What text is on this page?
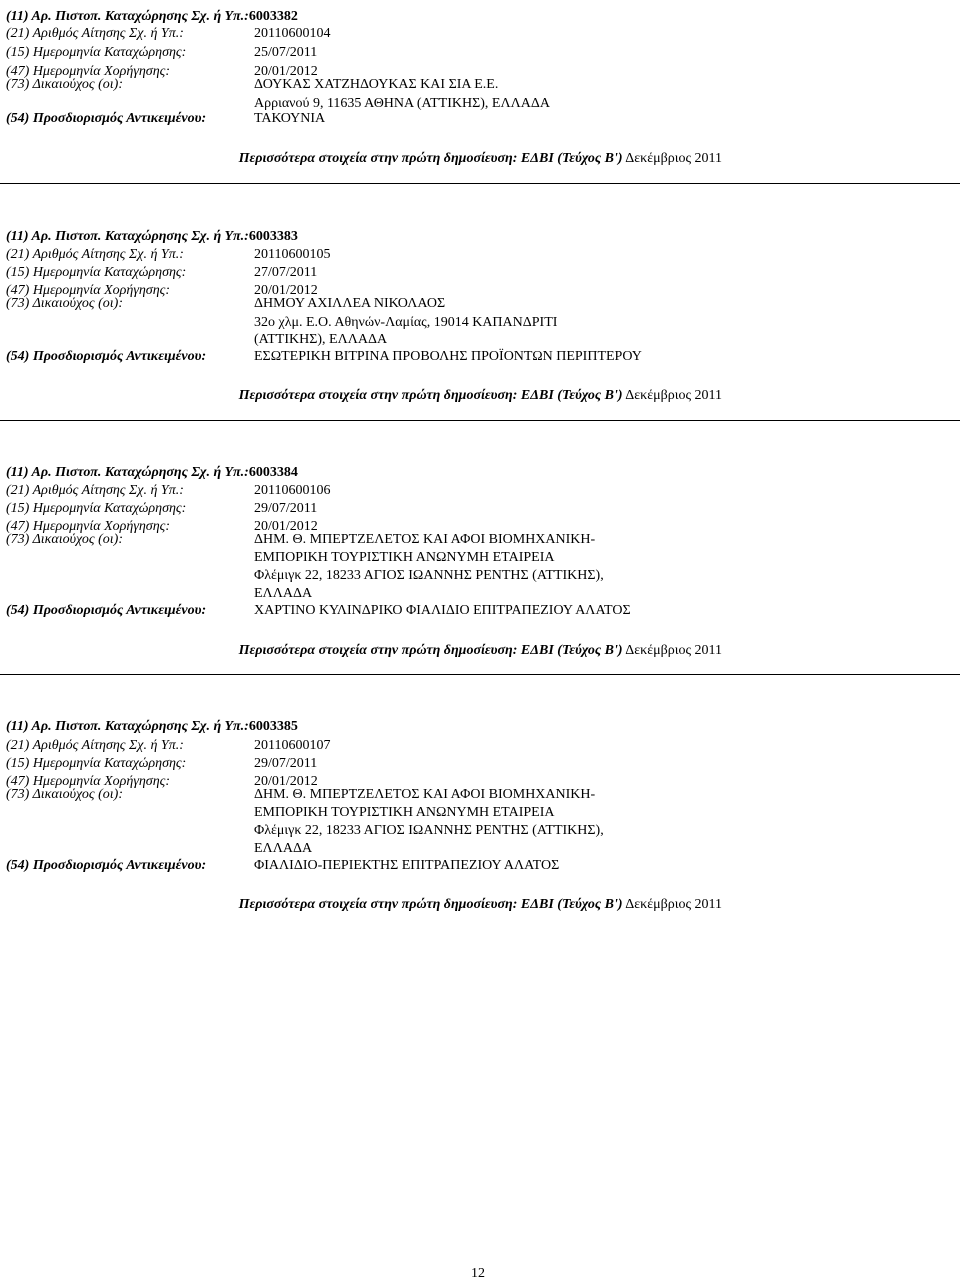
(11) Αρ. Πιστοπ. Καταχώρησης Σχ. ή Υπ.:6003382
(21) Αριθμός Αίτησης Σχ. ή Υπ.:	20110600104
(15) Ημερομηνία Καταχώρησης:	25/07/2011
(47) Ημερομηνία Χορήγησης:	20/01/2012
(73) Δικαιούχος (οι):	ΔΟΥΚΑΣ ΧΑΤΖΗΔΟΥΚΑΣ ΚΑΙ ΣΙΑ Ε.Ε.
Αρριανού 9, 11635 ΑΘΗΝΑ (ΑΤΤΙΚΗΣ), ΕΛΛΑΔΑ
(54) Προσδιορισμός Αντικειμένου:	ΤΑΚΟΥΝΙΑ
Περισσότερα στοιχεία στην πρώτη δημοσίευση: ΕΔΒΙ (Τεύχος Β') Δεκέμβριος 2011
(11) Αρ. Πιστοπ. Καταχώρησης Σχ. ή Υπ.:6003383
(21) Αριθμός Αίτησης Σχ. ή Υπ.:	20110600105
(15) Ημερομηνία Καταχώρησης:	27/07/2011
(47) Ημερομηνία Χορήγησης:	20/01/2012
(73) Δικαιούχος (οι):	ΔΗΜΟΥ ΑΧΙΛΛΕΑ ΝΙΚΟΛΑΟΣ
32ο χλμ. Ε.Ο. Αθηνών-Λαμίας, 19014 ΚΑΠΑΝΔΡΙΤΙ
(ΑΤΤΙΚΗΣ), ΕΛΛΑΔΑ
(54) Προσδιορισμός Αντικειμένου:	ΕΣΩΤΕΡΙΚΗ ΒΙΤΡΙΝΑ ΠΡΟΒΟΛΗΣ ΠΡΟΪΟΝΤΩΝ ΠΕΡΙΠΤΕΡΟΥ
Περισσότερα στοιχεία στην πρώτη δημοσίευση: ΕΔΒΙ (Τεύχος Β') Δεκέμβριος 2011
(11) Αρ. Πιστοπ. Καταχώρησης Σχ. ή Υπ.:6003384
(21) Αριθμός Αίτησης Σχ. ή Υπ.:	20110600106
(15) Ημερομηνία Καταχώρησης:	29/07/2011
(47) Ημερομηνία Χορήγησης:	20/01/2012
(73) Δικαιούχος (οι):	ΔΗΜ. Θ. ΜΠΕΡΤΖΕΛΕΤΟΣ ΚΑΙ ΑΦΟΙ ΒΙΟΜΗΧΑΝΙΚΗ-
ΕΜΠΟΡΙΚΗ ΤΟΥΡΙΣΤΙΚΗ ΑΝΩΝΥΜΗ ΕΤΑΙΡΕΙΑ
Φλέμιγκ 22, 18233 ΑΓΙΟΣ ΙΩΑΝΝΗΣ ΡΕΝΤΗΣ (ΑΤΤΙΚΗΣ),
ΕΛΛΑΔΑ
(54) Προσδιορισμός Αντικειμένου:	ΧΑΡΤΙΝΟ ΚΥΛΙΝΔΡΙΚΟ ΦΙΑΛΙΔΙΟ ΕΠΙΤΡΑΠΕΖΙΟΥ ΑΛΑΤΟΣ
Περισσότερα στοιχεία στην πρώτη δημοσίευση: ΕΔΒΙ (Τεύχος Β') Δεκέμβριος 2011
(11) Αρ. Πιστοπ. Καταχώρησης Σχ. ή Υπ.:6003385
(21) Αριθμός Αίτησης Σχ. ή Υπ.:	20110600107
(15) Ημερομηνία Καταχώρησης:	29/07/2011
(47) Ημερομηνία Χορήγησης:	20/01/2012
(73) Δικαιούχος (οι):	ΔΗΜ. Θ. ΜΠΕΡΤΖΕΛΕΤΟΣ ΚΑΙ ΑΦΟΙ ΒΙΟΜΗΧΑΝΙΚΗ-
ΕΜΠΟΡΙΚΗ ΤΟΥΡΙΣΤΙΚΗ ΑΝΩΝΥΜΗ ΕΤΑΙΡΕΙΑ
Φλέμιγκ 22, 18233 ΑΓΙΟΣ ΙΩΑΝΝΗΣ ΡΕΝΤΗΣ (ΑΤΤΙΚΗΣ),
ΕΛΛΑΔΑ
(54) Προσδιορισμός Αντικειμένου:	ΦΙΑΛΙΔΙΟ-ΠΕΡΙΕΚΤΗΣ ΕΠΙΤΡΑΠΕΖΙΟΥ ΑΛΑΤΟΣ
Περισσότερα στοιχεία στην πρώτη δημοσίευση: ΕΔΒΙ (Τεύχος Β') Δεκέμβριος 2011
12
